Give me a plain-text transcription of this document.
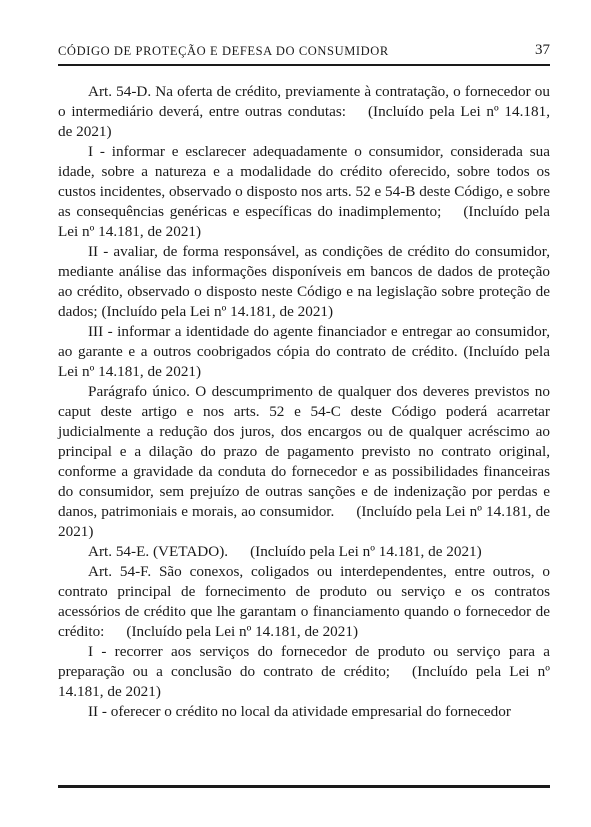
CÓDIGO DE PROTEÇÃO E DEFESA DO CONSUMIDOR	37

Art. 54-D. Na oferta de crédito, previamente à contratação, o fornecedor ou o intermediário deverá, entre outras condutas: (Incluído pela Lei nº 14.181, de 2021)

I - informar e esclarecer adequadamente o consumidor, considerada sua idade, sobre a natureza e a modalidade do crédito oferecido, sobre todos os custos incidentes, observado o disposto nos arts. 52 e 54-B deste Código, e sobre as consequências genéricas e específicas do inadimplemento; (Incluído pela Lei nº 14.181, de 2021)

II - avaliar, de forma responsável, as condições de crédito do consumidor, mediante análise das informações disponíveis em bancos de dados de proteção ao crédito, observado o disposto neste Código e na legislação sobre proteção de dados; (Incluído pela Lei nº 14.181, de 2021)

III - informar a identidade do agente financiador e entregar ao consumidor, ao garante e a outros coobrigados cópia do contrato de crédito. (Incluído pela Lei nº 14.181, de 2021)

Parágrafo único. O descumprimento de qualquer dos deveres previstos no caput deste artigo e nos arts. 52 e 54-C deste Código poderá acarretar judicialmente a redução dos juros, dos encargos ou de qualquer acréscimo ao principal e a dilação do prazo de pagamento previsto no contrato original, conforme a gravidade da conduta do fornecedor e as possibilidades financeiras do consumidor, sem prejuízo de outras sanções e de indenização por perdas e danos, patrimoniais e morais, ao consumidor. (Incluído pela Lei nº 14.181, de 2021)

Art. 54-E. (VETADO). (Incluído pela Lei nº 14.181, de 2021)

Art. 54-F. São conexos, coligados ou interdependentes, entre outros, o contrato principal de fornecimento de produto ou serviço e os contratos acessórios de crédito que lhe garantam o financiamento quando o fornecedor de crédito: (Incluído pela Lei nº 14.181, de 2021)

I - recorrer aos serviços do fornecedor de produto ou serviço para a preparação ou a conclusão do contrato de crédito; (Incluído pela Lei nº 14.181, de 2021)

II - oferecer o crédito no local da atividade empresarial do fornecedor
